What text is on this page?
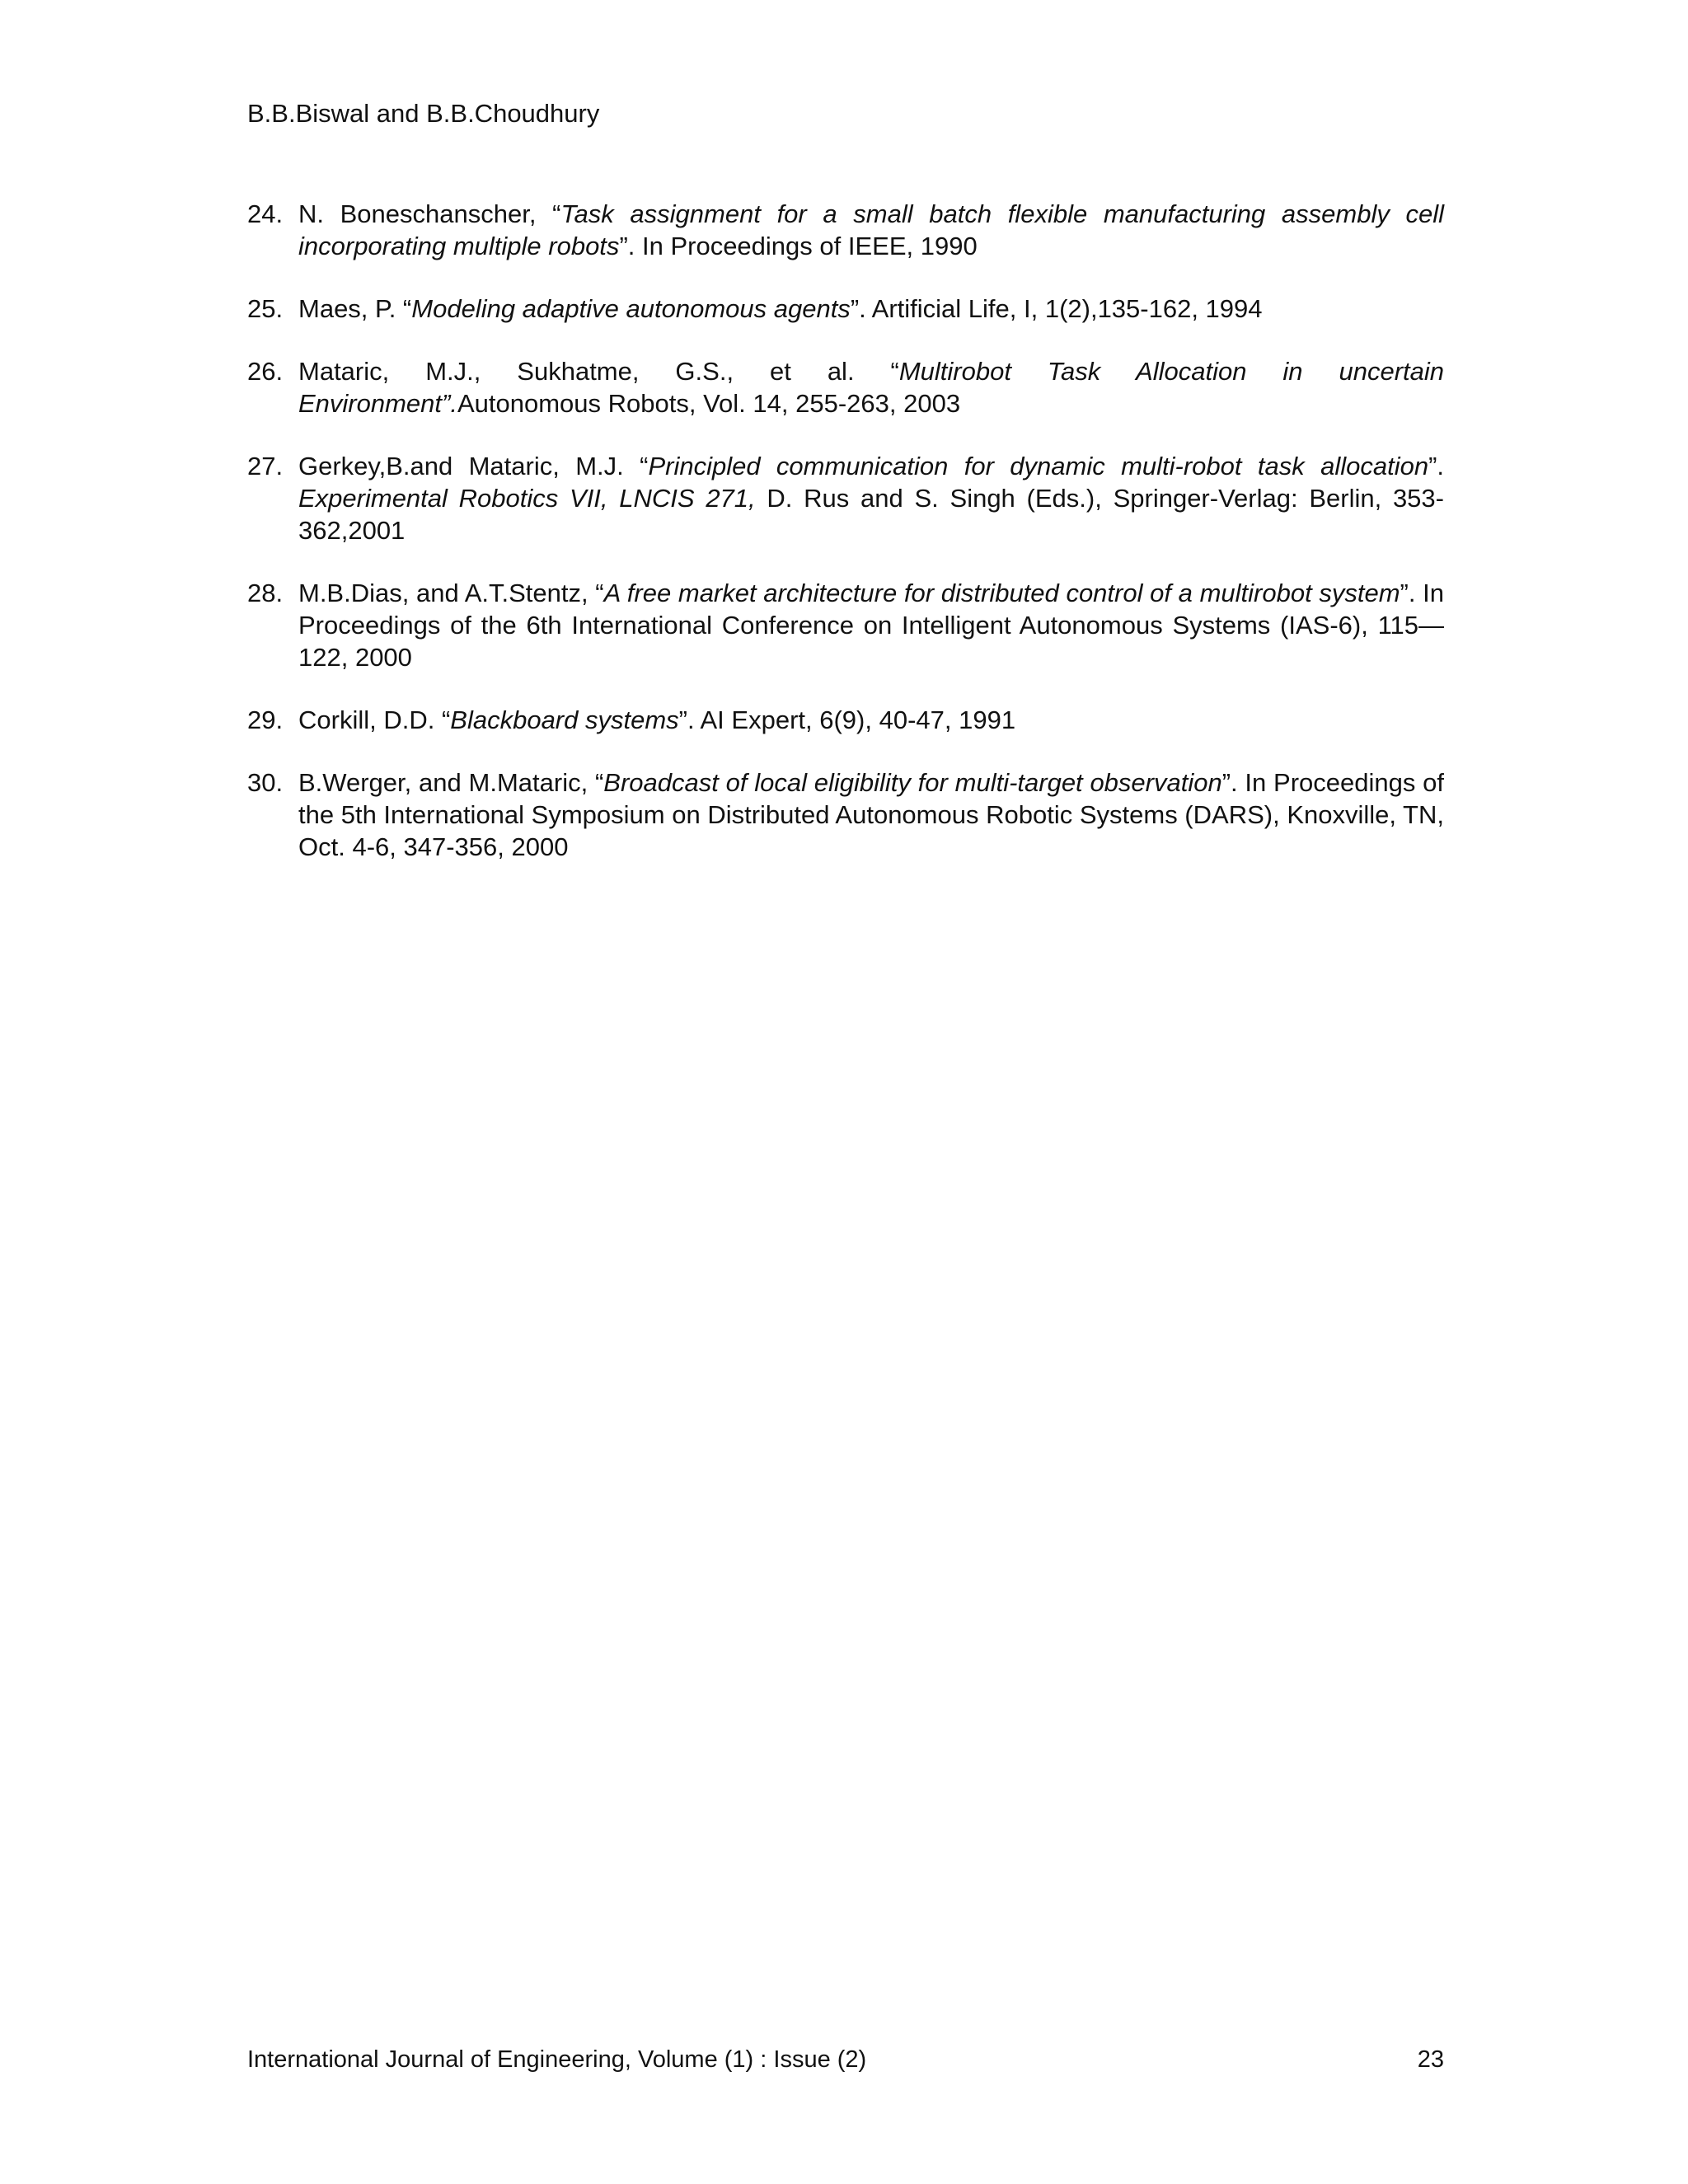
B.B.Biswal and B.B.Choudhury
24. N. Boneschanscher, “Task assignment for a small batch flexible manufacturing assembly cell incorporating multiple robots”. In Proceedings of IEEE, 1990
25. Maes, P. “Modeling adaptive autonomous agents”. Artificial Life, I, 1(2),135-162, 1994
26. Mataric, M.J., Sukhatme, G.S., et al. “Multirobot Task Allocation in uncertain Environment”.Autonomous Robots, Vol. 14, 255-263, 2003
27. Gerkey,B.and Mataric, M.J. “Principled communication for dynamic multi-robot task allocation”. Experimental Robotics VII, LNCIS 271, D. Rus and S. Singh (Eds.), Springer-Verlag: Berlin, 353-362,2001
28. M.B.Dias, and A.T.Stentz, “A free market architecture for distributed control of a multirobot system”. In Proceedings of the 6th International Conference on Intelligent Autonomous Systems (IAS-6), 115— 122, 2000
29. Corkill, D.D. “Blackboard systems”. AI Expert, 6(9), 40-47, 1991
30. B.Werger, and M.Mataric, “Broadcast of local eligibility for multi-target observation”. In Proceedings of the 5th International Symposium on Distributed Autonomous Robotic Systems (DARS), Knoxville, TN, Oct. 4-6, 347-356, 2000
International Journal of Engineering, Volume (1) : Issue (2)	23
